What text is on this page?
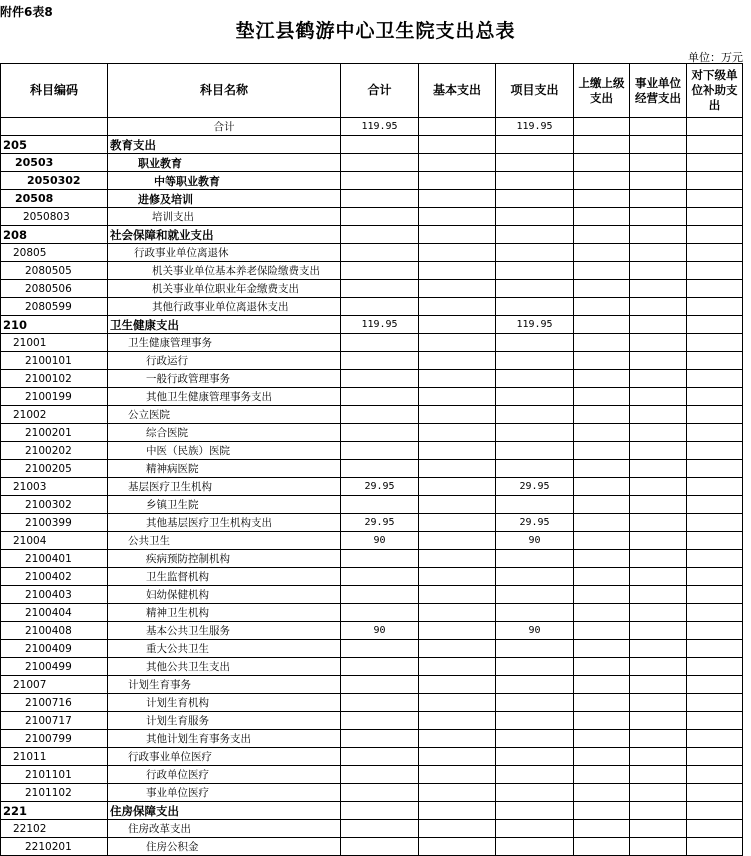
附件6表8
垫江县鹤游中心卫生院支出总表
单位：万元
科目编码	科目名称	合计	基本支出	项目支出	上缴上级支出	事业单位经营支出	对下级单位补助支出
	合计	119.95		119.95			
205	教育支出						
20503	职业教育						
2050302	中等职业教育						
20508	进修及培训						
2050803	培训支出						
208	社会保障和就业支出						
20805	行政事业单位离退休						
2080505	机关事业单位基本养老保险缴费支出						
2080506	机关事业单位职业年金缴费支出						
2080599	其他行政事业单位离退休支出						
210	卫生健康支出	119.95		119.95			
21001	卫生健康管理事务						
2100101	行政运行						
2100102	一般行政管理事务						
2100199	其他卫生健康管理事务支出						
21002	公立医院						
2100201	综合医院						
2100202	中医（民族）医院						
2100205	精神病医院						
21003	基层医疗卫生机构	29.95		29.95			
2100302	乡镇卫生院						
2100399	其他基层医疗卫生机构支出	29.95		29.95			
21004	公共卫生	90		90			
2100401	疾病预防控制机构						
2100402	卫生监督机构						
2100403	妇幼保健机构						
2100404	精神卫生机构						
2100408	基本公共卫生服务	90		90			
2100409	重大公共卫生						
2100499	其他公共卫生支出						
21007	计划生育事务						
2100716	计划生育机构						
2100717	计划生育服务						
2100799	其他计划生育事务支出						
21011	行政事业单位医疗						
2101101	行政单位医疗						
2101102	事业单位医疗						
221	住房保障支出						
22102	住房改革支出						
2210201	住房公积金						
